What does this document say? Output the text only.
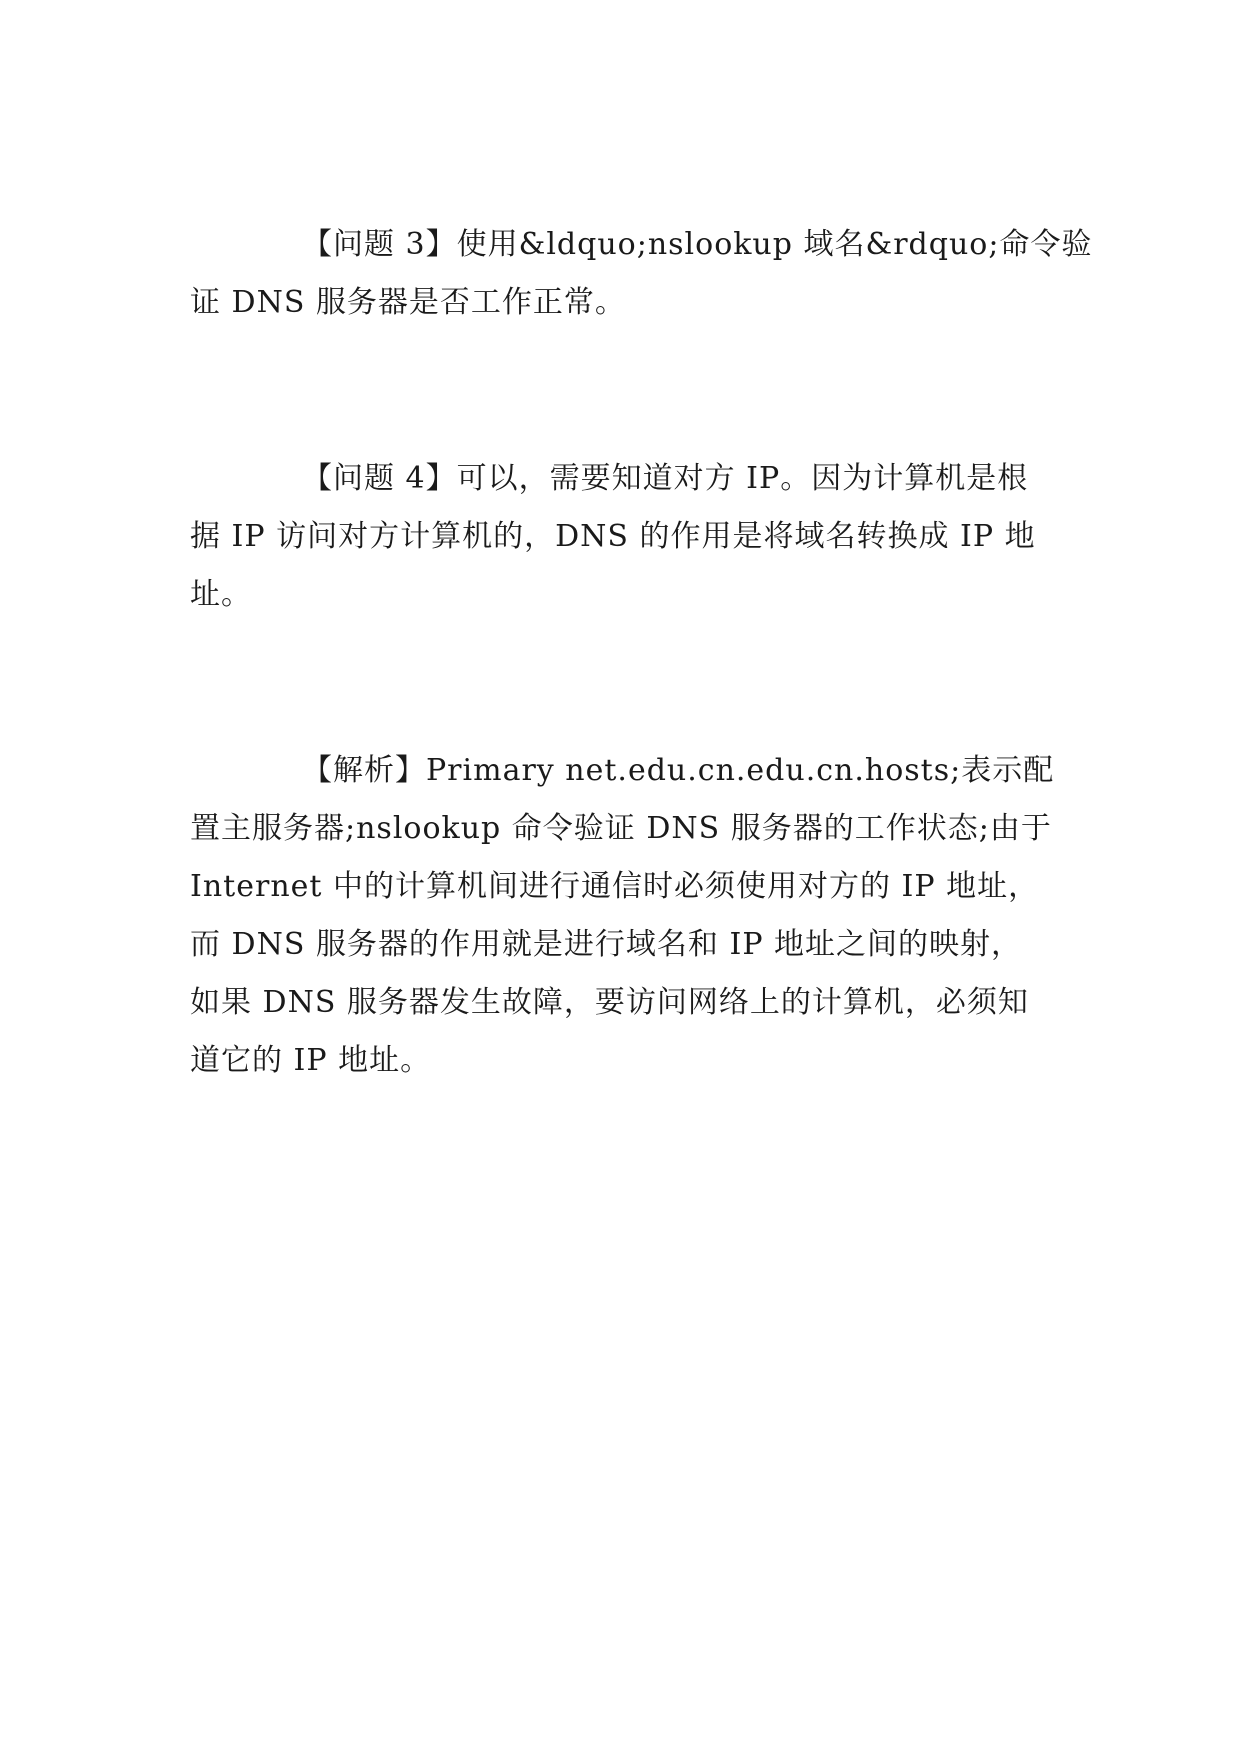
【问题 3】使用&ldquo;nslookup 域名&rdquo;命令验
证 DNS 服务器是否工作正常。

【问题 4】可以，需要知道对方 IP。因为计算机是根
据 IP 访问对方计算机的，DNS 的作用是将域名转换成 IP 地
址。

【解析】Primary net.edu.cn.edu.cn.hosts;表示配
置主服务器;nslookup 命令验证 DNS 服务器的工作状态;由于
Internet 中的计算机间进行通信时必须使用对方的 IP 地址，
而 DNS 服务器的作用就是进行域名和 IP 地址之间的映射，
如果 DNS 服务器发生故障，要访问网络上的计算机，必须知
道它的 IP 地址。
